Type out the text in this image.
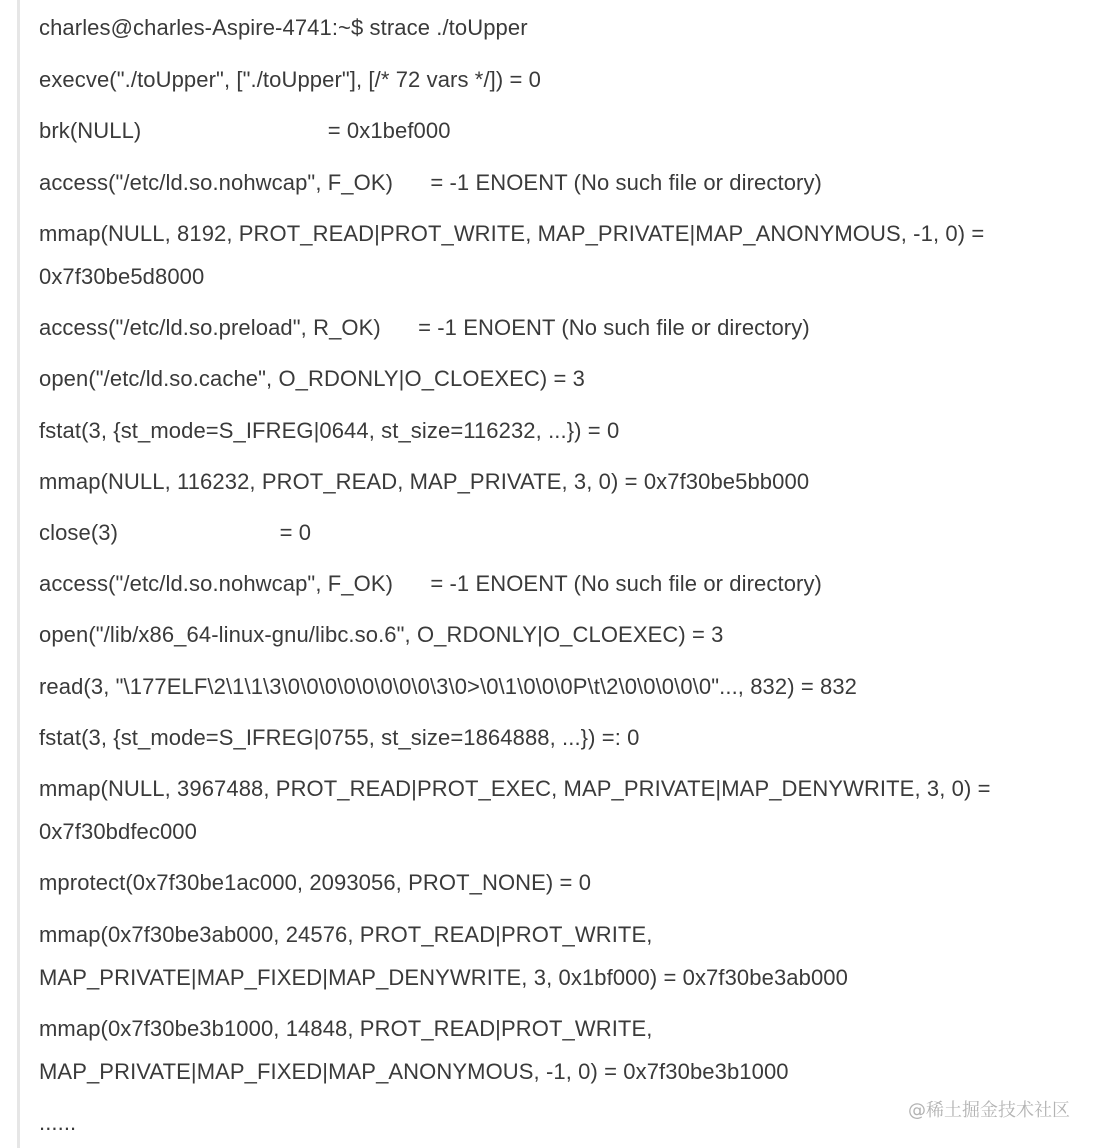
charles@charles-Aspire-4741:~$ strace ./toUpper
execve("./toUpper", ["./toUpper"], [/* 72 vars */]) = 0
brk(NULL)                              = 0x1bef000
access("/etc/ld.so.nohwcap", F_OK)      = -1 ENOENT (No such file or directory)
mmap(NULL, 8192, PROT_READ|PROT_WRITE, MAP_PRIVATE|MAP_ANONYMOUS, -1, 0) =
0x7f30be5d8000
access("/etc/ld.so.preload", R_OK)      = -1 ENOENT (No such file or directory)
open("/etc/ld.so.cache", O_RDONLY|O_CLOEXEC) = 3
fstat(3, {st_mode=S_IFREG|0644, st_size=116232, ...}) = 0
mmap(NULL, 116232, PROT_READ, MAP_PRIVATE, 3, 0) = 0x7f30be5bb000
close(3)                          = 0
access("/etc/ld.so.nohwcap", F_OK)      = -1 ENOENT (No such file or directory)
open("/lib/x86_64-linux-gnu/libc.so.6", O_RDONLY|O_CLOEXEC) = 3
read(3, "\177ELF\2\1\1\3\0\0\0\0\0\0\0\0\3\0>\0\1\0\0\0P\t\2\0\0\0\0\0"..., 832) = 832
fstat(3, {st_mode=S_IFREG|0755, st_size=1864888, ...}) =: 0
mmap(NULL, 3967488, PROT_READ|PROT_EXEC, MAP_PRIVATE|MAP_DENYWRITE, 3, 0) =
0x7f30bdfec000
mprotect(0x7f30be1ac000, 2093056, PROT_NONE) = 0
mmap(0x7f30be3ab000, 24576, PROT_READ|PROT_WRITE,
MAP_PRIVATE|MAP_FIXED|MAP_DENYWRITE, 3, 0x1bf000) = 0x7f30be3ab000
mmap(0x7f30be3b1000, 14848, PROT_READ|PROT_WRITE,
MAP_PRIVATE|MAP_FIXED|MAP_ANONYMOUS, -1, 0) = 0x7f30be3b1000
......	@稀土掘金技术社区
